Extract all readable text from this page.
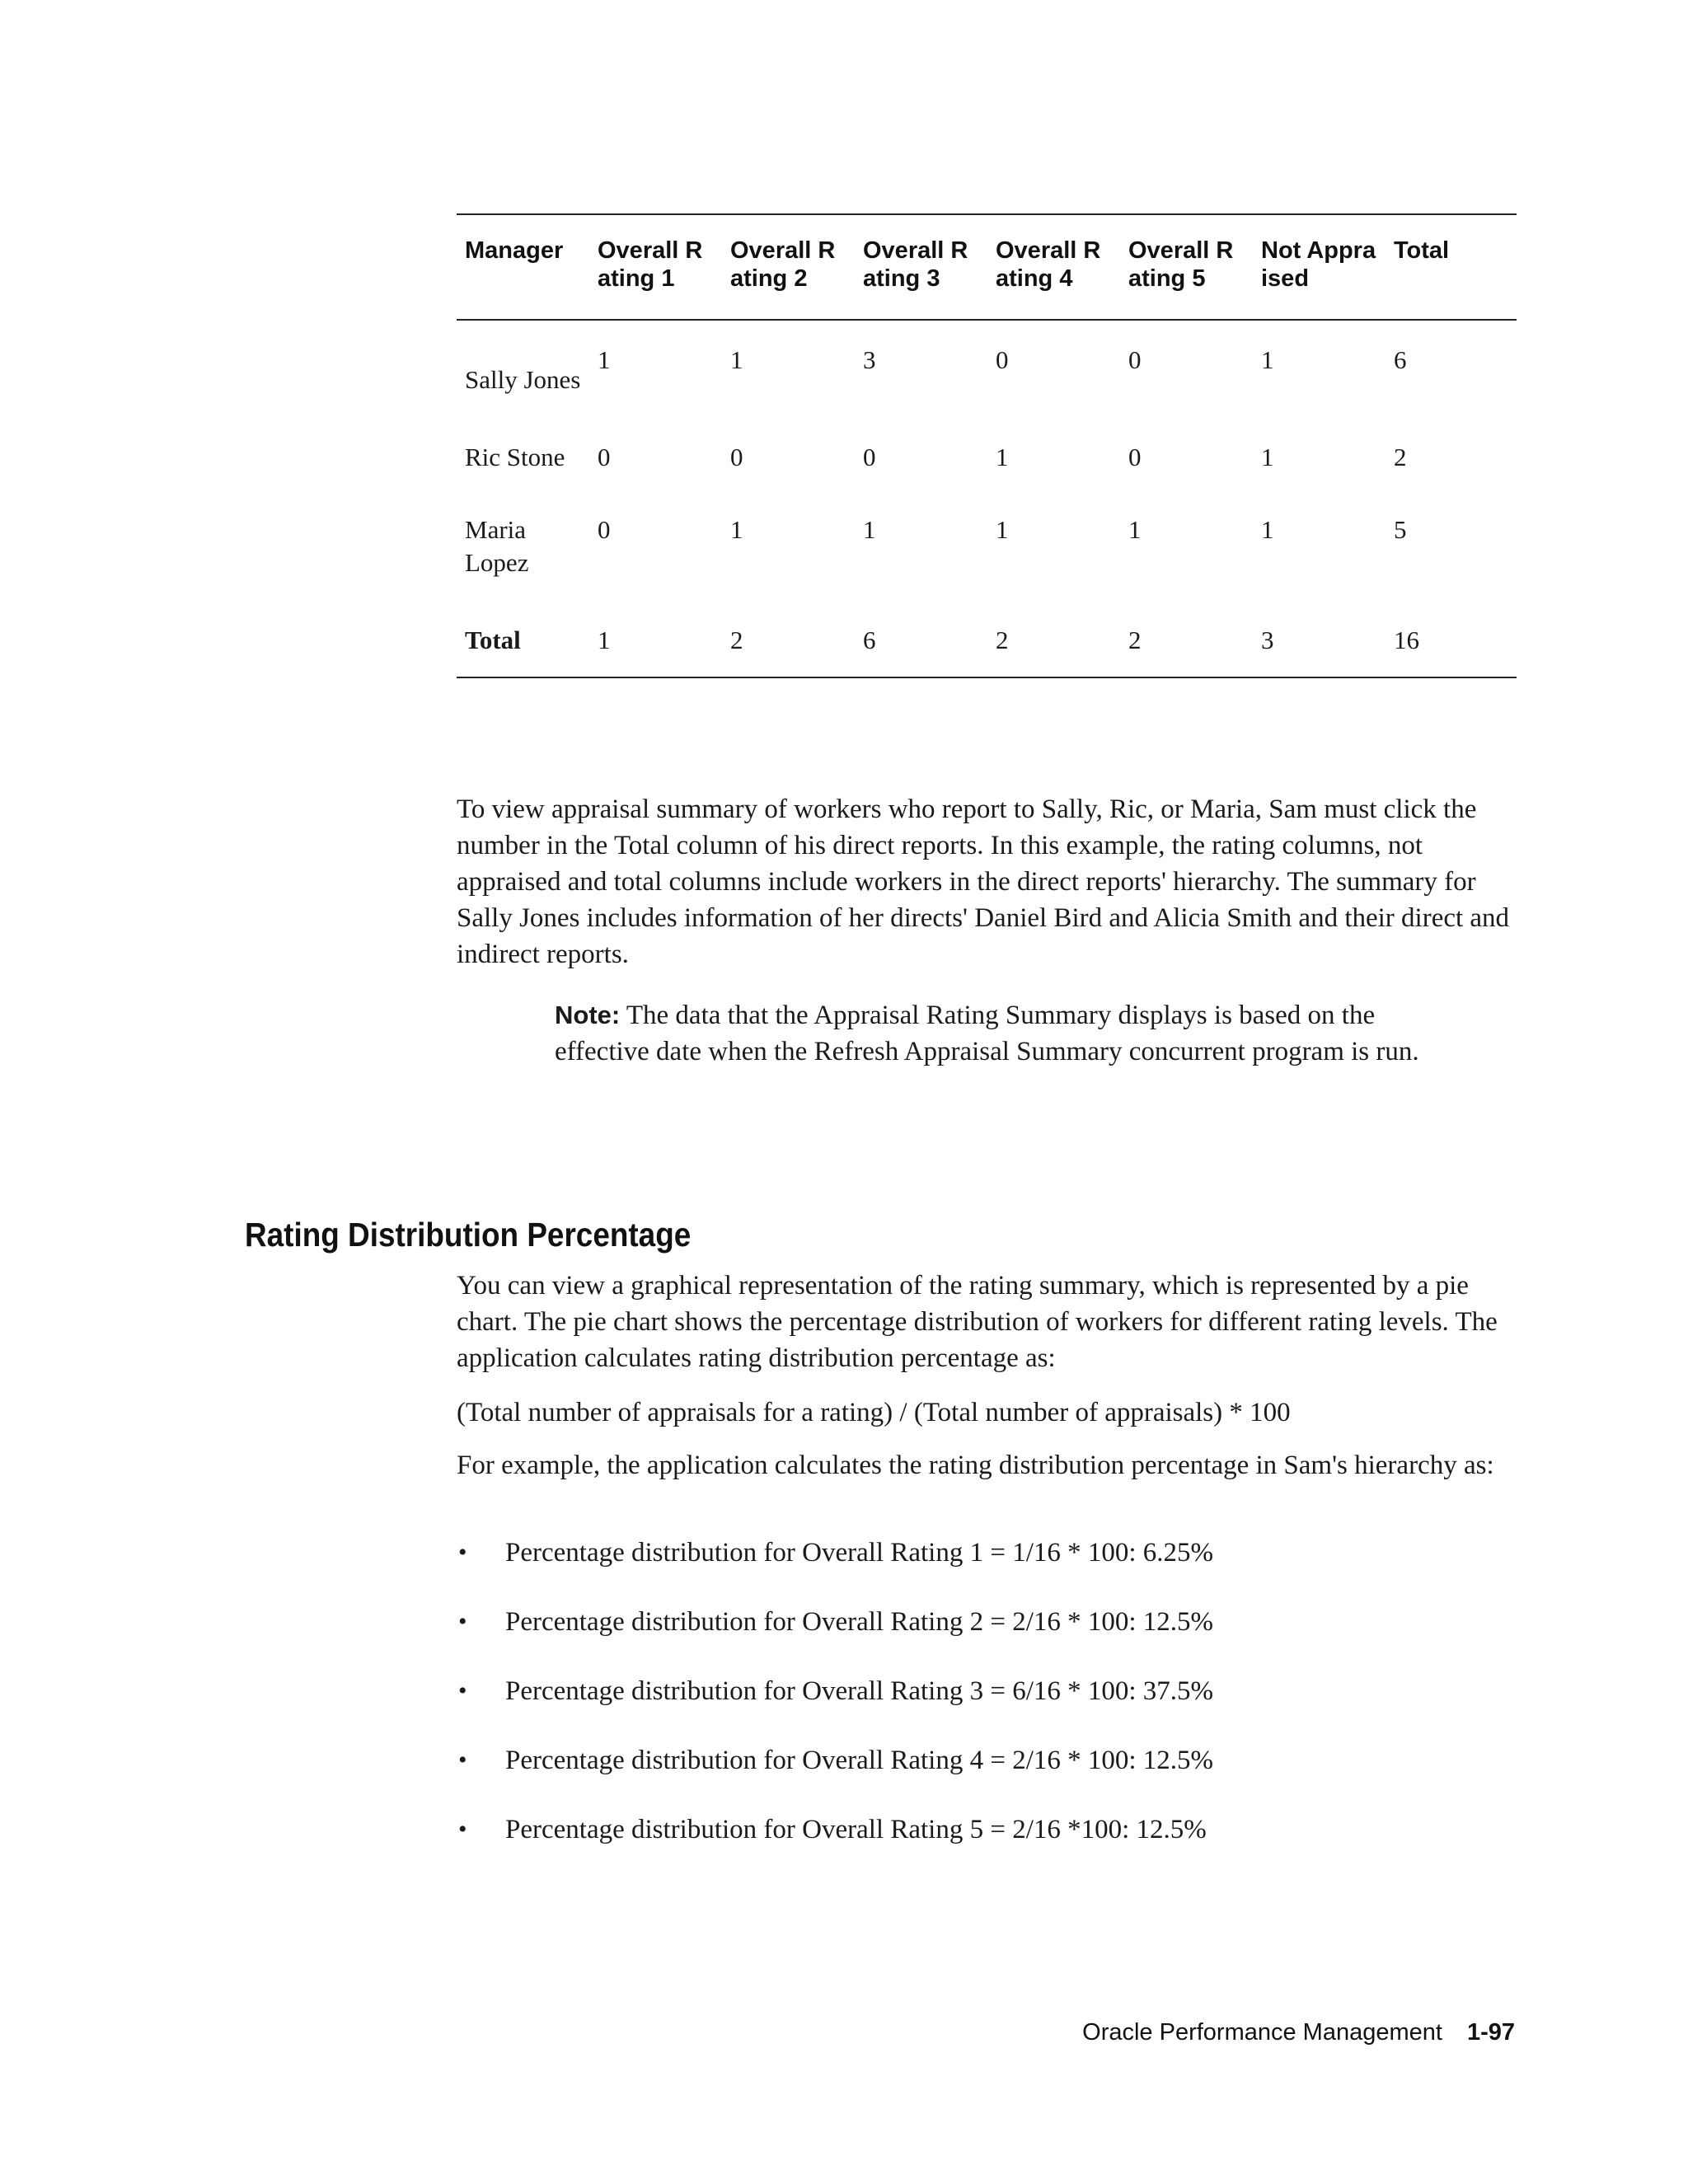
Manager	Overall Rating 1	Overall Rating 2	Overall Rating 3	Overall Rating 4	Overall Rating 5	Not Appraised	Total
Sally Jones	1	1	3	0	0	1	6
Ric Stone	0	0	0	1	0	1	2
Maria Lopez	0	1	1	1	1	1	5
Total	1	2	6	2	2	3	16

To view appraisal summary of workers who report to Sally, Ric, or Maria, Sam must click the number in the Total column of his direct reports. In this example, the rating columns, not appraised and total columns include workers in the direct reports' hierarchy. The summary for Sally Jones includes information of her directs' Daniel Bird and Alicia Smith and their direct and indirect reports.

Note: The data that the Appraisal Rating Summary displays is based on the effective date when the Refresh Appraisal Summary concurrent program is run.

Rating Distribution Percentage

You can view a graphical representation of the rating summary, which is represented by a pie chart. The pie chart shows the percentage distribution of workers for different rating levels. The application calculates rating distribution percentage as:

(Total number of appraisals for a rating) / (Total number of appraisals) * 100

For example, the application calculates the rating distribution percentage in Sam's hierarchy as:

• Percentage distribution for Overall Rating 1 = 1/16 * 100: 6.25%
• Percentage distribution for Overall Rating 2 = 2/16 * 100: 12.5%
• Percentage distribution for Overall Rating 3 = 6/16 * 100: 37.5%
• Percentage distribution for Overall Rating 4 = 2/16 * 100: 12.5%
• Percentage distribution for Overall Rating 5 = 2/16 *100: 12.5%
Oracle Performance Management 1-97
